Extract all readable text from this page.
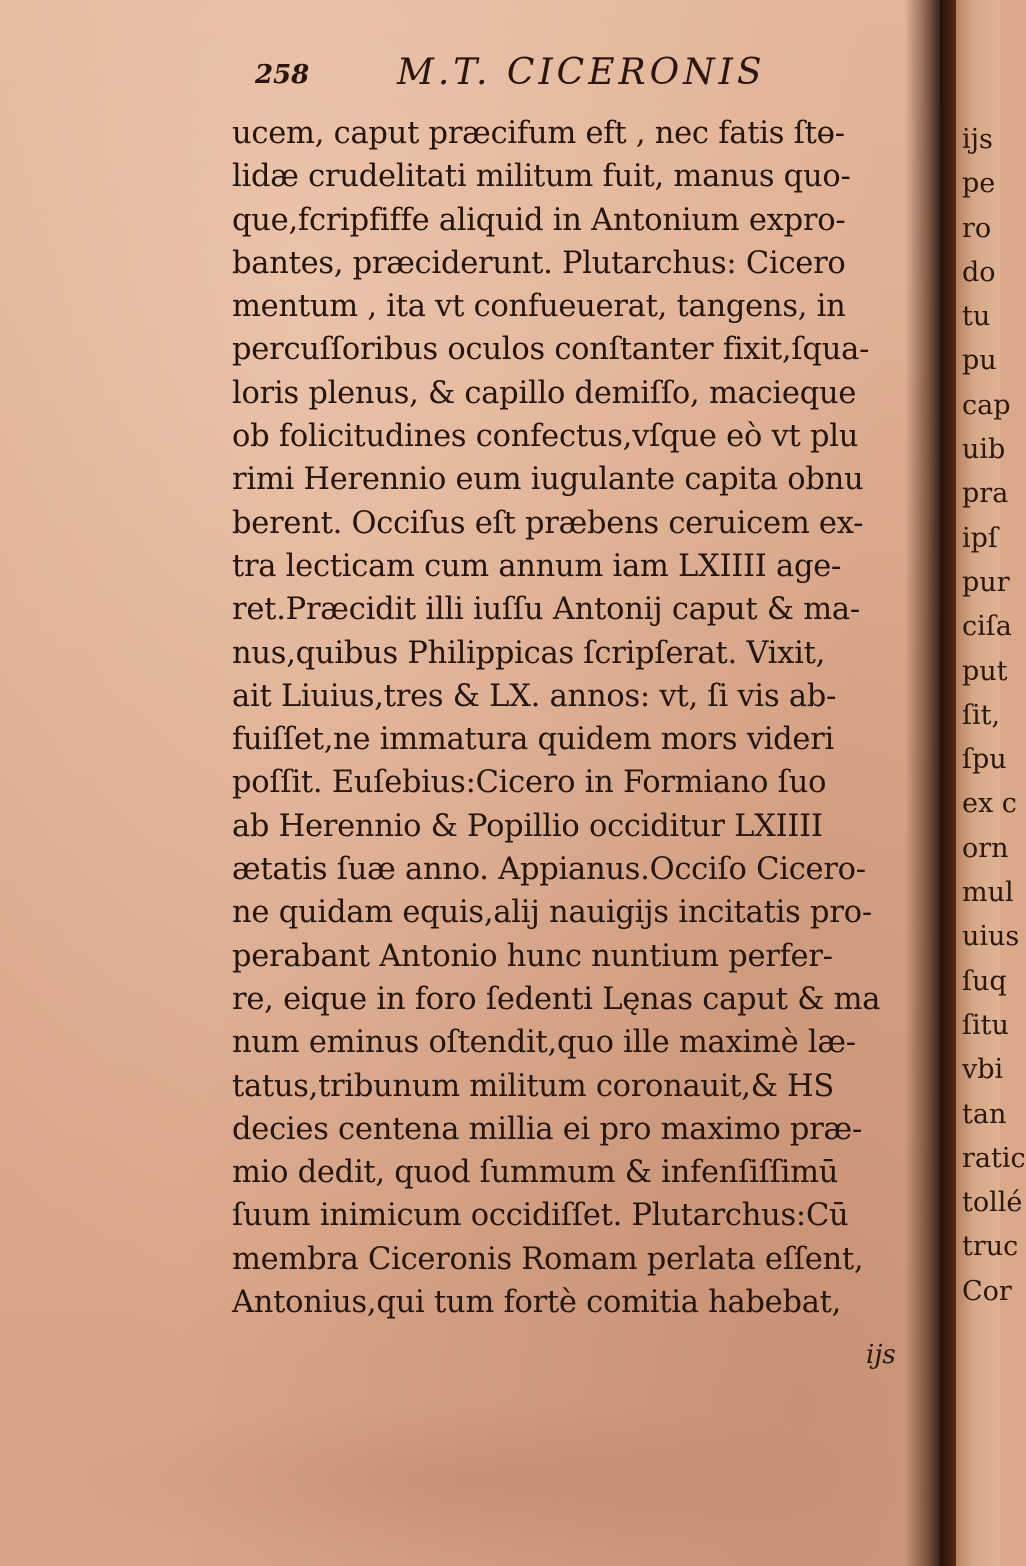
258 M.T. CICERONIS
ucem, caput præcifum eft , nec fatis ſtɵ-
lidæ crudelitati militum fuit, manus quo-
que,fcripfiffe aliquid in Antonium expro-
bantes, præciderunt. Plutarchus: Cicero
mentum , ita vt confueuerat, tangens, in
percuſſoribus oculos conſtanter fixit,ſqua-
loris plenus, & capillo demiſſo, macieque
ob folicitudines confectus,vſque eò vt plu
rimi Herennio eum iugulante capita obnu
berent. Occiſus eſt præbens ceruicem ex-
tra lecticam cum annum iam LXIIII age-
ret.Præcidit illi iuſſu Antonij caput & ma-
nus,quibus Philippicas ſcripſerat. Vixit,
ait Liuius,tres & LX. annos: vt, ſi vis ab-
fuiſſet,ne immatura quidem mors videri
poſſit. Euſebius:Cicero in Formiano ſuo
ab Herennio & Popillio occiditur LXIIII
ætatis ſuæ anno. Appianus.Occiſo Cicero-
ne quidam equis,alij nauigijs incitatis pro-
perabant Antonio hunc nuntium perfer-
re, eique in foro ſedenti Lęnas caput & ma
num eminus oſtendit,quo ille maximè læ-
tatus,tribunum militum coronauit,& HS
decies centena millia ei pro maximo præ-
mio dedit, quod ſummum & infenſiſſimū
ſuum inimicum occidiſſet. Plutarchus:Cū
membra Ciceronis Romam perlata eſſent,
Antonius,qui tum fortè comitia habebat,
ijs
ijs
pe
ro
do
tu
pu
cap
uib
pra
ipſ
pur
ciſa
put
ſit,
ſpu
ex c
orn
mul
uius
ſuq
ſitu
vbi
tan
ratic
tollé
truc
Cor
